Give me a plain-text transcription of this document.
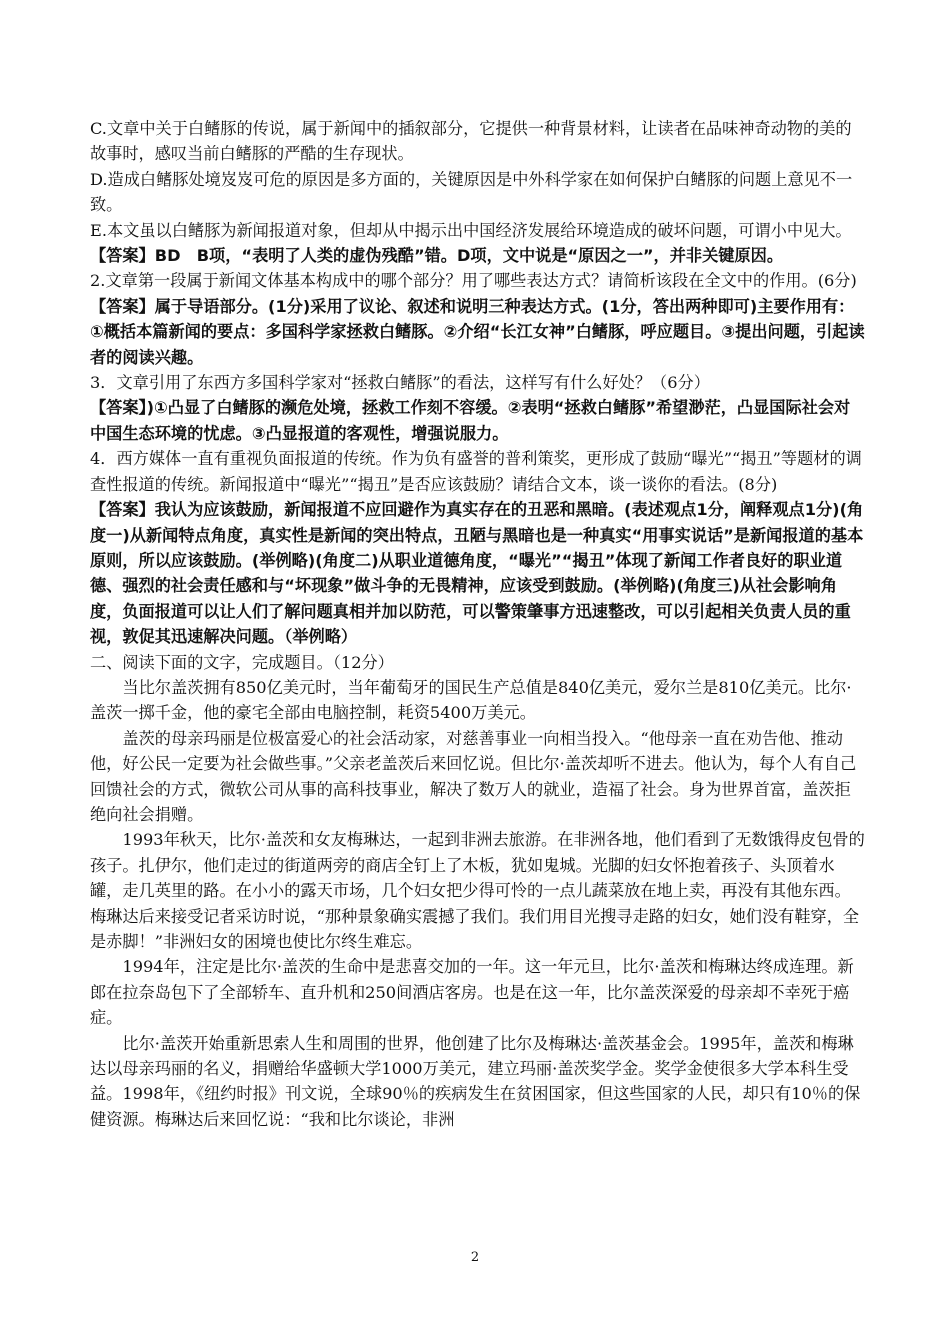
C.文章中关于白鳍豚的传说，属于新闻中的插叙部分，它提供一种背景材料，让读者在品味神奇动物的美的故事时，感叹当前白鳍豚的严酷的生存现状。

D.造成白鳍豚处境岌岌可危的原因是多方面的，关键原因是中外科学家在如何保护白鳍豚的问题上意见不一致。

E.本文虽以白鳍豚为新闻报道对象，但却从中揭示出中国经济发展给环境造成的破坏问题，可谓小中见大。

【答案】BD　B项，“表明了人类的虚伪残酷”错。D项，文中说是“原因之一”，并非关键原因。

2.文章第一段属于新闻文体基本构成中的哪个部分？用了哪些表达方式？请简析该段在全文中的作用。(6分)

【答案】属于导语部分。(1分)采用了议论、叙述和说明三种表达方式。(1分，答出两种即可)主要作用有：①概括本篇新闻的要点：多国科学家拯救白鳍豚。②介绍“长江女神”白鳍豚，呼应题目。③提出问题，引起读者的阅读兴趣。

3．文章引用了东西方多国科学家对“拯救白鳍豚”的看法，这样写有什么好处？（6分）

【答案】)①凸显了白鳍豚的濒危处境，拯救工作刻不容缓。②表明“拯救白鳍豚”希望渺茫，凸显国际社会对中国生态环境的忧虑。③凸显报道的客观性，增强说服力。

4．西方媒体一直有重视负面报道的传统。作为负有盛誉的普利策奖，更形成了鼓励“曝光”“揭丑”等题材的调查性报道的传统。新闻报道中“曝光”“揭丑”是否应该鼓励？请结合文本，谈一谈你的看法。(8分)

【答案】我认为应该鼓励，新闻报道不应回避作为真实存在的丑恶和黑暗。(表述观点1分，阐释观点1分)(角度一)从新闻特点角度，真实性是新闻的突出特点，丑陋与黑暗也是一种真实“用事实说话”是新闻报道的基本原则，所以应该鼓励。(举例略)(角度二)从职业道德角度，“曝光”“揭丑”体现了新闻工作者良好的职业道德、强烈的社会责任感和与“坏现象”做斗争的无畏精神，应该受到鼓励。(举例略)(角度三)从社会影响角度，负面报道可以让人们了解问题真相并加以防范，可以警策肇事方迅速整改，可以引起相关负责人员的重视，敦促其迅速解决问题。（举例略）

二、阅读下面的文字，完成题目。（12分）

当比尔盖茨拥有850亿美元时，当年葡萄牙的国民生产总值是840亿美元，爱尔兰是810亿美元。比尔·盖茨一掷千金，他的豪宅全部由电脑控制，耗资5400万美元。

盖茨的母亲玛丽是位极富爱心的社会活动家，对慈善事业一向相当投入。“他母亲一直在劝告他、推动他，好公民一定要为社会做些事。”父亲老盖茨后来回忆说。但比尔·盖茨却听不进去。他认为，每个人有自己回馈社会的方式，微软公司从事的高科技事业，解决了数万人的就业，造福了社会。身为世界首富，盖茨拒绝向社会捐赠。

1993年秋天，比尔·盖茨和女友梅琳达，一起到非洲去旅游。在非洲各地，他们看到了无数饿得皮包骨的孩子。扎伊尔，他们走过的街道两旁的商店全钉上了木板，犹如鬼城。光脚的妇女怀抱着孩子、头顶着水罐，走几英里的路。在小小的露天市场，几个妇女把少得可怜的一点儿蔬菜放在地上卖，再没有其他东西。梅琳达后来接受记者采访时说，“那种景象确实震撼了我们。我们用目光搜寻走路的妇女，她们没有鞋穿，全是赤脚！”非洲妇女的困境也使比尔终生难忘。

1994年，注定是比尔·盖茨的生命中是悲喜交加的一年。这一年元旦，比尔·盖茨和梅琳达终成连理。新郎在拉奈岛包下了全部轿车、直升机和250间酒店客房。也是在这一年，比尔盖茨深爱的母亲却不幸死于癌症。

比尔·盖茨开始重新思索人生和周围的世界，他创建了比尔及梅琳达·盖茨基金会。1995年，盖茨和梅琳达以母亲玛丽的名义，捐赠给华盛顿大学1000万美元，建立玛丽·盖茨奖学金。奖学金使很多大学本科生受益。1998年，《纽约时报》刊文说，全球90％的疾病发生在贫困国家，但这些国家的人民，却只有10％的保健资源。梅琳达后来回忆说：“我和比尔谈论，非洲

2
